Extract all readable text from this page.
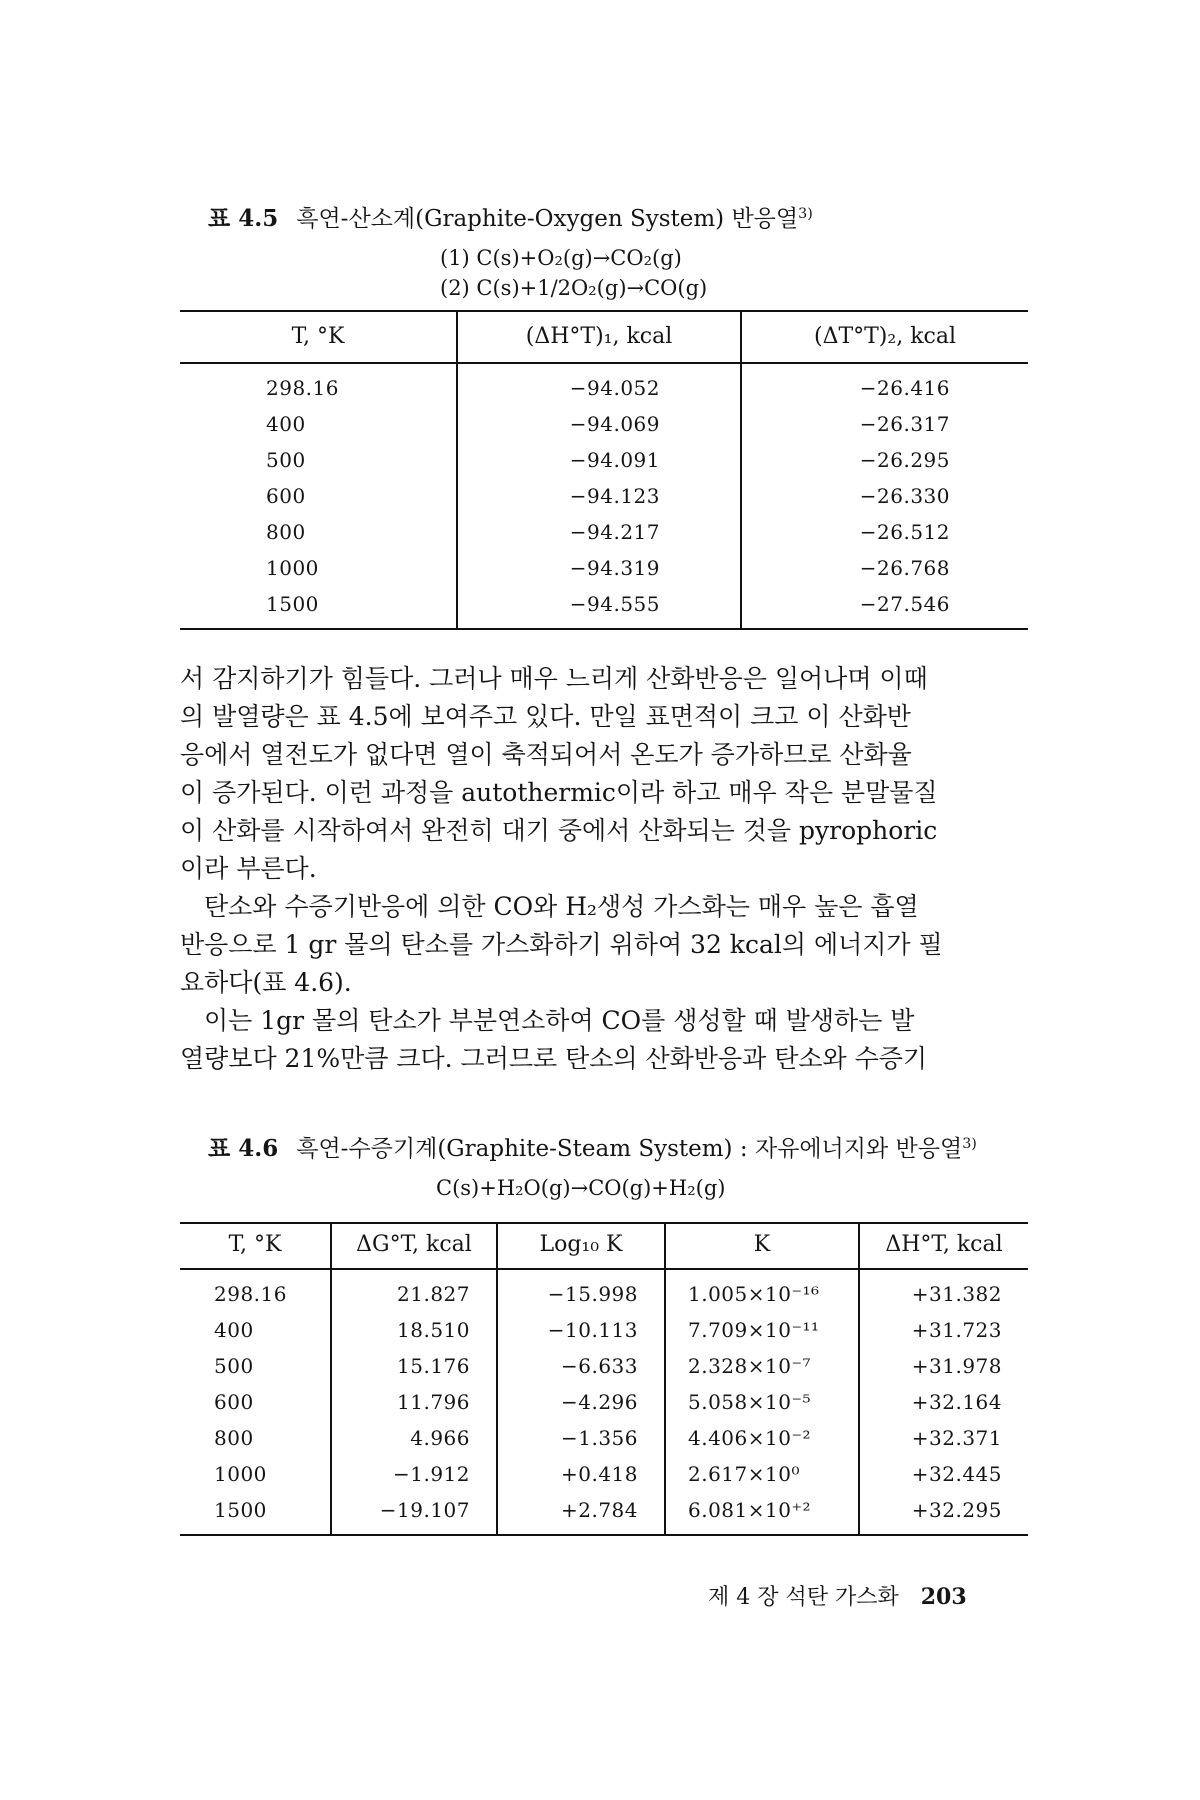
표 4.5 흑연-산소계(Graphite-Oxygen System) 반응열$^{3)}$
(1) C(s)+O₂(g)→CO₂(g)
(2) C(s)+1/2O₂(g)→CO(g)
T, °K	(ΔH°T)₁, kcal	(ΔT°T)₂, kcal
298.16	−94.052	−26.416
400	−94.069	−26.317
500	−94.091	−26.295
600	−94.123	−26.330
800	−94.217	−26.512
1000	−94.319	−26.768
1500	−94.555	−27.546

서 감지하기가 힘들다. 그러나 매우 느리게 산화반응은 일어나며 이때

의 발열량은 표 4.5에 보여주고 있다. 만일 표면적이 크고 이 산화반

응에서 열전도가 없다면 열이 축적되어서 온도가 증가하므로 산화율

이 증가된다. 이런 과정을 autothermic이라 하고 매우 작은 분말물질

이 산화를 시작하여서 완전히 대기 중에서 산화되는 것을 pyrophoric

이라 부른다.

탄소와 수증기반응에 의한 CO와 H₂생성 가스화는 매우 높은 흡열

반응으로 1 gr 몰의 탄소를 가스화하기 위하여 32 kcal의 에너지가 필

요하다(표 4.6).

이는 1gr 몰의 탄소가 부분연소하여 CO를 생성할 때 발생하는 발

열량보다 21%만큼 크다. 그러므로 탄소의 산화반응과 탄소와 수증기

표 4.6 흑연-수증기계(Graphite-Steam System) : 자유에너지와 반응열$^{3)}$
C(s)+H₂O(g)→CO(g)+H₂(g)
T, °K	ΔG°T, kcal	Log₁₀ K	K	ΔH°T, kcal
298.16	21.827	−15.998	1.005×10⁻¹⁶	+31.382
400	18.510	−10.113	7.709×10⁻¹¹	+31.723
500	15.176	−6.633	2.328×10⁻⁷	+31.978
600	11.796	−4.296	5.058×10⁻⁵	+32.164
800	4.966	−1.356	4.406×10⁻²	+32.371
1000	−1.912	+0.418	2.617×10⁰	+32.445
1500	−19.107	+2.784	6.081×10⁺²	+32.295
제 4 장 석탄 가스화 203
